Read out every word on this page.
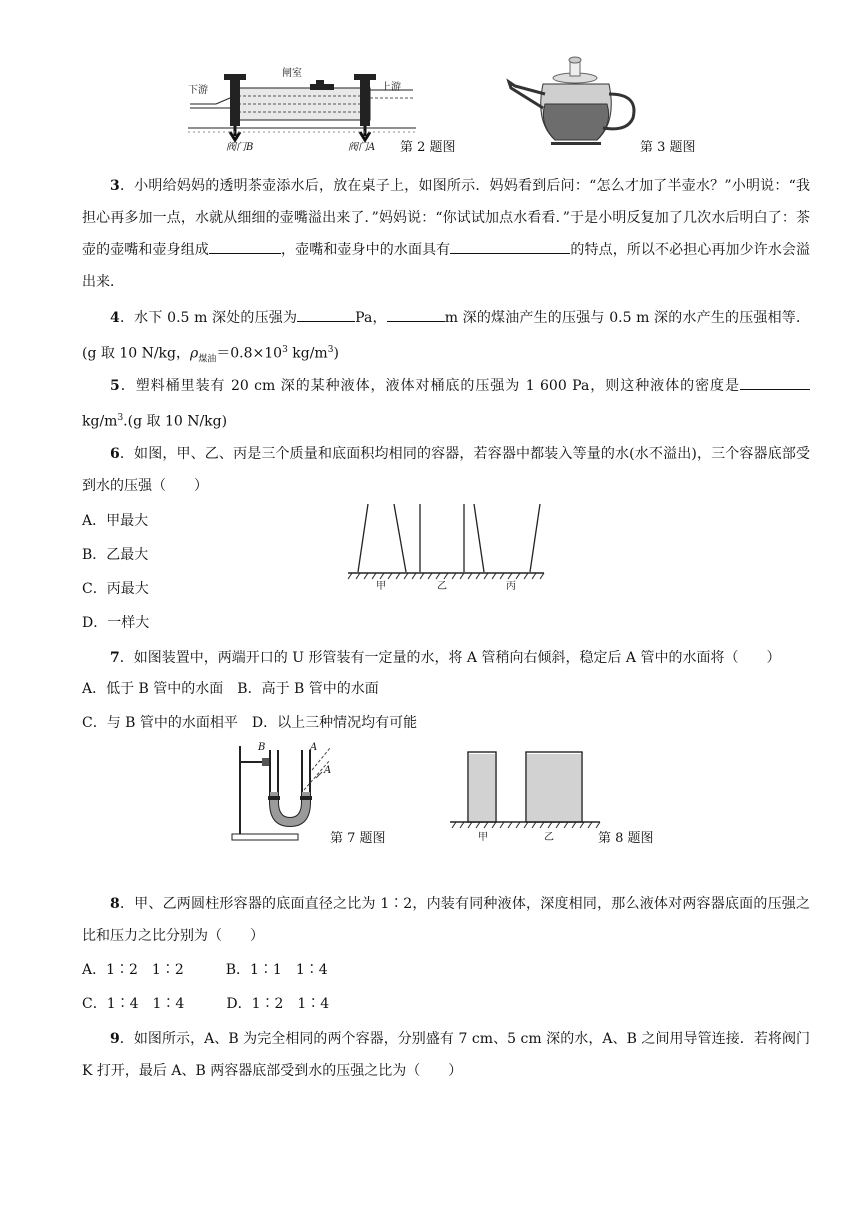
闸室
下游	上游
阀门B	阀门A 第 2 题图	第 3 题图

3．小明给妈妈的透明茶壶添水后，放在桌子上，如图所示．妈妈看到后问：“怎么才加了半壶水？”小明说：“我担心再多加一点，水就从细细的壶嘴溢出来了．”妈妈说：“你试试加点水看看．”于是小明反复加了几次水后明白了：茶壶的壶嘴和壶身组成	，壶嘴和壶身中的水面具有	的特点，所以不必担心再加少许水会溢出来．

4．水下 0.5 m 深处的压强为	Pa，	m 深的煤油产生的压强与 0.5 m 深的水产生的压强相等．(g 取 10 N/kg，$\rho_{煤油}=0.8\times 10^3$ $kg/m^3$)

5．塑料桶里装有 20 cm 深的某种液体，液体对桶底的压强为 1 600 Pa，则这种液体的密度是$kg/m^3.(g$ 取 10 N/kg)

6．如图，甲、乙、丙是三个质量和底面积均相同的容器，若容器中都装入等量的水(水不溢出)，三个容器底部受到水的压强（　　）

A．甲最大

B．乙最大

C．丙最大

D．一样大

甲	乙	丙

7．如图装置中，两端开口的 U 形管装有一定量的水，将 A 管稍向右倾斜，稳定后 A 管中的水面将（　　）

A．低于 B 管中的水面　B．高于 B 管中的水面

C．与 B 管中的水面相平　D．以上三种情况均有可能

B	A
A
第 7 题图	甲	乙	第 8 题图

8．甲、乙两圆柱形容器的底面直径之比为 1∶2，内装有同种液体，深度相同，那么液体对两容器底面的压强之比和压力之比分别为（　　）

A．1∶2　1∶2　　　B．1∶1　1∶4

C．1∶4　1∶4　　　D．1∶2　1∶4

9．如图所示，A、B 为完全相同的两个容器，分别盛有 7 cm、5 cm 深的水，A、B 之间用导管连接．若将阀门 K 打开，最后 A、B 两容器底部受到水的压强之比为（　　）
